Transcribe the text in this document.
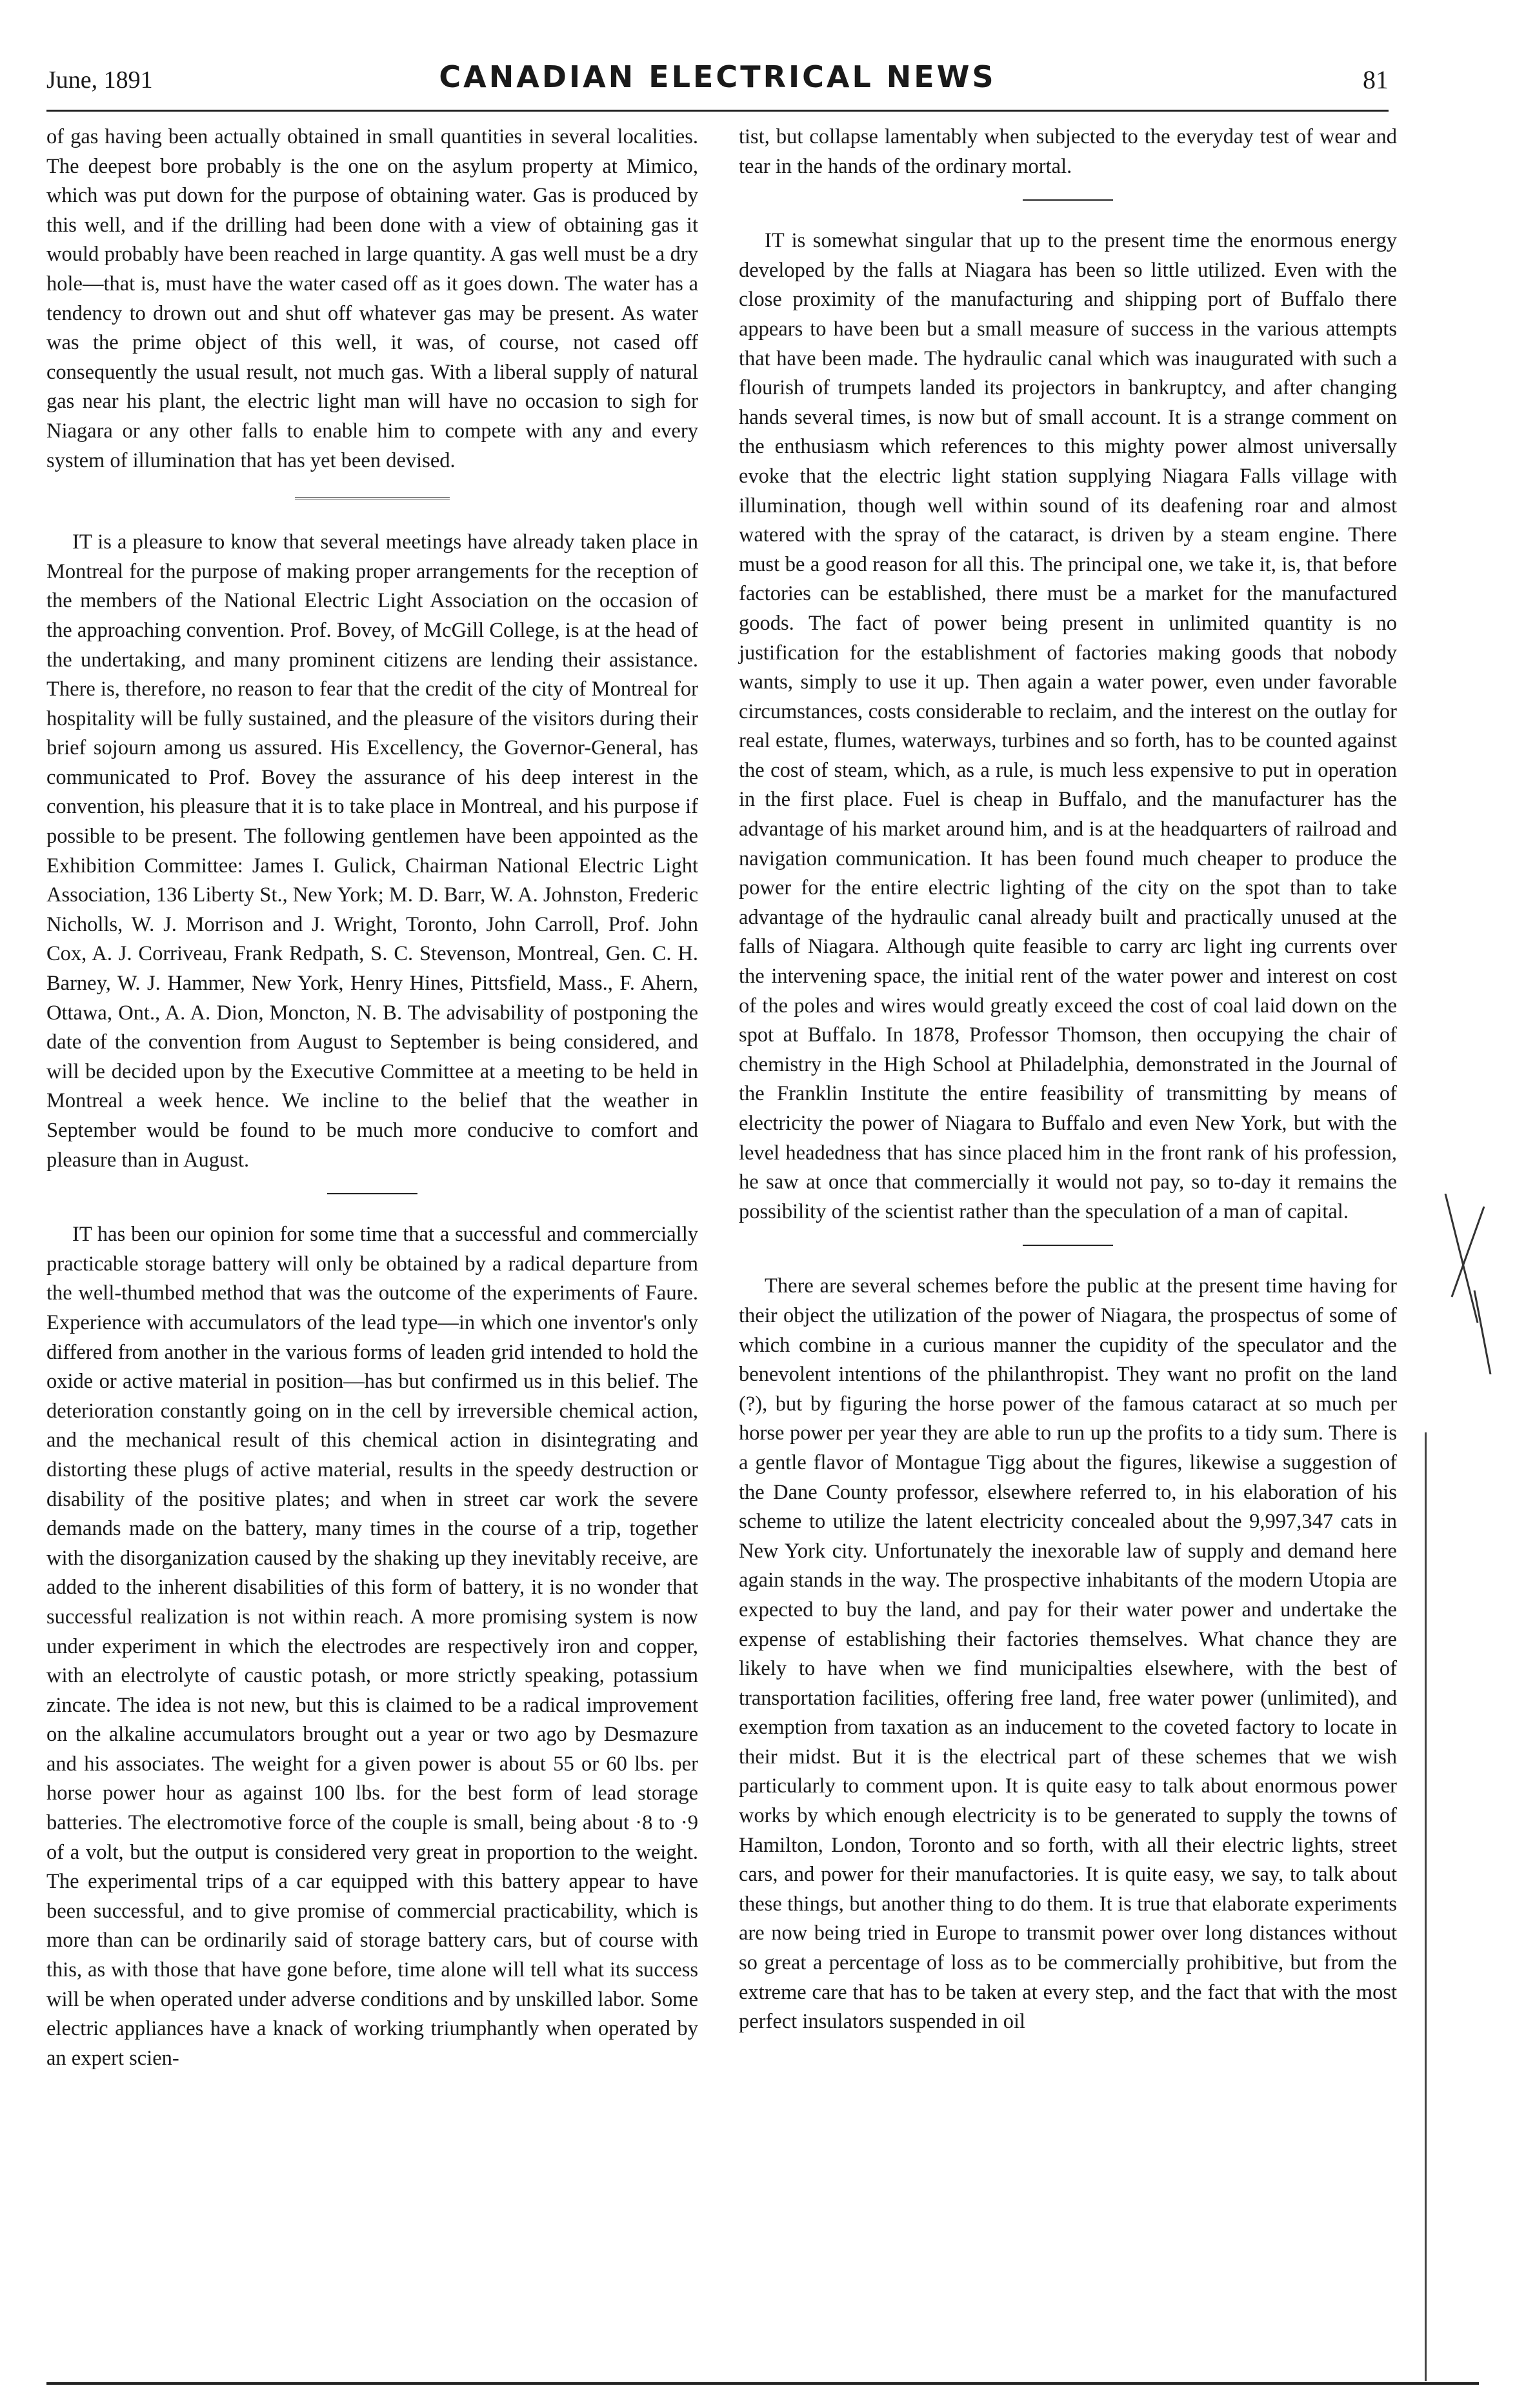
June, 1891	CANADIAN ELECTRICAL NEWS	81

of gas having been actually obtained in small quantities in several localities. The deepest bore probably is the one on the asylum property at Mimico, which was put down for the purpose of obtaining water. Gas is produced by this well, and if the drilling had been done with a view of obtaining gas it would probably have been reached in large quantity. A gas well must be a dry hole—that is, must have the water cased off as it goes down. The water has a tendency to drown out and shut off whatever gas may be present. As water was the prime object of this well, it was, of course, not cased off consequently the usual result, not much gas. With a liberal supply of natural gas near his plant, the electric light man will have no occasion to sigh for Niagara or any other falls to enable him to compete with any and every system of illumination that has yet been devised.

IT is a pleasure to know that several meetings have already taken place in Montreal for the purpose of making proper arrangements for the reception of the members of the National Electric Light Association on the occasion of the approaching convention. Prof. Bovey, of McGill College, is at the head of the undertaking, and many prominent citizens are lending their assistance. There is, therefore, no reason to fear that the credit of the city of Montreal for hospitality will be fully sustained, and the pleasure of the visitors during their brief sojourn among us assured. His Excellency, the Governor-General, has communicated to Prof. Bovey the assurance of his deep interest in the convention, his pleasure that it is to take place in Montreal, and his purpose if possible to be present. The following gentlemen have been appointed as the Exhibition Committee: James I. Gulick, Chairman National Electric Light Association, 136 Liberty St., New York; M. D. Barr, W. A. Johnston, Frederic Nicholls, W. J. Morrison and J. Wright, Toronto, John Carroll, Prof. John Cox, A. J. Corriveau, Frank Redpath, S. C. Stevenson, Montreal, Gen. C. H. Barney, W. J. Hammer, New York, Henry Hines, Pittsfield, Mass., F. Ahern, Ottawa, Ont., A. A. Dion, Moncton, N. B. The advisability of postponing the date of the convention from August to September is being considered, and will be decided upon by the Executive Committee at a meeting to be held in Montreal a week hence. We incline to the belief that the weather in September would be found to be much more conducive to comfort and pleasure than in August.

IT has been our opinion for some time that a successful and commercially practicable storage battery will only be obtained by a radical departure from the well-thumbed method that was the outcome of the experiments of Faure. Experience with accumulators of the lead type—in which one inventor's only differed from another in the various forms of leaden grid intended to hold the oxide or active material in position—has but confirmed us in this belief. The deterioration constantly going on in the cell by irreversible chemical action, and the mechanical result of this chemical action in disintegrating and distorting these plugs of active material, results in the speedy destruction or disability of the positive plates; and when in street car work the severe demands made on the battery, many times in the course of a trip, together with the disorganization caused by the shaking up they inevitably receive, are added to the inherent disabilities of this form of battery, it is no wonder that successful realization is not within reach. A more promising system is now under experiment in which the electrodes are respectively iron and copper, with an electrolyte of caustic potash, or more strictly speaking, potassium zincate. The idea is not new, but this is claimed to be a radical improvement on the alkaline accumulators brought out a year or two ago by Desmazure and his associates. The weight for a given power is about 55 or 60 lbs. per horse power hour as against 100 lbs. for the best form of lead storage batteries. The electromotive force of the couple is small, being about ·8 to ·9 of a volt, but the output is considered very great in proportion to the weight. The experimental trips of a car equipped with this battery appear to have been successful, and to give promise of commercial practicability, which is more than can be ordinarily said of storage battery cars, but of course with this, as with those that have gone before, time alone will tell what its success will be when operated under adverse conditions and by unskilled labor. Some electric appliances have a knack of working triumphantly when operated by an expert scien-

tist, but collapse lamentably when subjected to the everyday test of wear and tear in the hands of the ordinary mortal.

IT is somewhat singular that up to the present time the enormous energy developed by the falls at Niagara has been so little utilized. Even with the close proximity of the manufacturing and shipping port of Buffalo there appears to have been but a small measure of success in the various attempts that have been made. The hydraulic canal which was inaugurated with such a flourish of trumpets landed its projectors in bankruptcy, and after changing hands several times, is now but of small account. It is a strange comment on the enthusiasm which references to this mighty power almost universally evoke that the electric light station supplying Niagara Falls village with illumination, though well within sound of its deafening roar and almost watered with the spray of the cataract, is driven by a steam engine. There must be a good reason for all this. The principal one, we take it, is, that before factories can be established, there must be a market for the manufactured goods. The fact of power being present in unlimited quantity is no justification for the establishment of factories making goods that nobody wants, simply to use it up. Then again a water power, even under favorable circumstances, costs considerable to reclaim, and the interest on the outlay for real estate, flumes, waterways, turbines and so forth, has to be counted against the cost of steam, which, as a rule, is much less expensive to put in operation in the first place. Fuel is cheap in Buffalo, and the manufacturer has the advantage of his market around him, and is at the headquarters of railroad and navigation communication. It has been found much cheaper to produce the power for the entire electric lighting of the city on the spot than to take advantage of the hydraulic canal already built and practically unused at the falls of Niagara. Although quite feasible to carry arc light ing currents over the intervening space, the initial rent of the water power and interest on cost of the poles and wires would greatly exceed the cost of coal laid down on the spot at Buffalo. In 1878, Professor Thomson, then occupying the chair of chemistry in the High School at Philadelphia, demonstrated in the Journal of the Franklin Institute the entire feasibility of transmitting by means of electricity the power of Niagara to Buffalo and even New York, but with the level headedness that has since placed him in the front rank of his profession, he saw at once that commercially it would not pay, so to-day it remains the possibility of the scientist rather than the speculation of a man of capital.

There are several schemes before the public at the present time having for their object the utilization of the power of Niagara, the prospectus of some of which combine in a curious manner the cupidity of the speculator and the benevolent intentions of the philanthropist. They want no profit on the land (?), but by figuring the horse power of the famous cataract at so much per horse power per year they are able to run up the profits to a tidy sum. There is a gentle flavor of Montague Tigg about the figures, likewise a suggestion of the Dane County professor, elsewhere referred to, in his elaboration of his scheme to utilize the latent electricity concealed about the 9,997,347 cats in New York city. Unfortunately the inexorable law of supply and demand here again stands in the way. The prospective inhabitants of the modern Utopia are expected to buy the land, and pay for their water power and undertake the expense of establishing their factories themselves. What chance they are likely to have when we find municipalties elsewhere, with the best of transportation facilities, offering free land, free water power (unlimited), and exemption from taxation as an inducement to the coveted factory to locate in their midst. But it is the electrical part of these schemes that we wish particularly to comment upon. It is quite easy to talk about enormous power works by which enough electricity is to be generated to supply the towns of Hamilton, London, Toronto and so forth, with all their electric lights, street cars, and power for their manufactories. It is quite easy, we say, to talk about these things, but another thing to do them. It is true that elaborate experiments are now being tried in Europe to transmit power over long distances without so great a percentage of loss as to be commercially prohibitive, but from the extreme care that has to be taken at every step, and the fact that with the most perfect insulators suspended in oil
